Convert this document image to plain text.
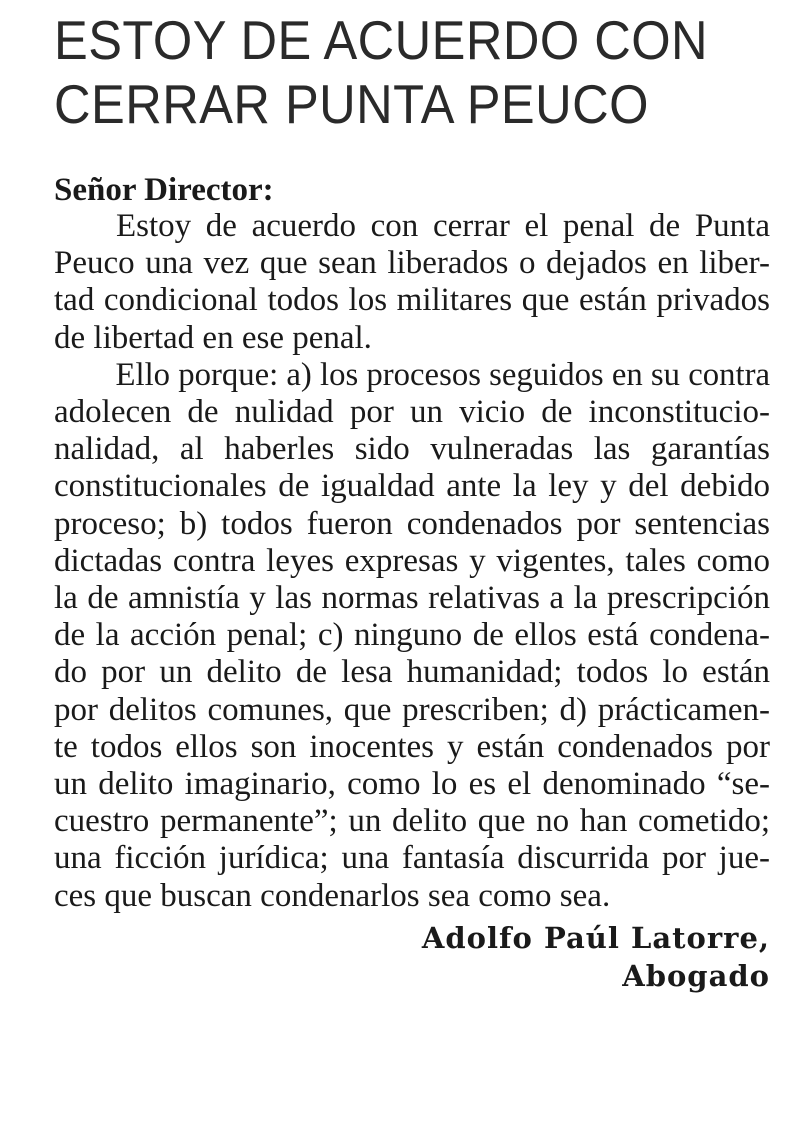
ESTOY DE ACUERDO CON
CERRAR PUNTA PEUCO
Señor Director:

Estoy de acuerdo con cerrar el penal de Punta
Peuco una vez que sean liberados o dejados en liber-
tad condicional todos los militares que están privados
de libertad en ese penal.

Ello porque: a) los procesos seguidos en su contra
adolecen de nulidad por un vicio de inconstitucio-
nalidad, al haberles sido vulneradas las garantías
constitucionales de igualdad ante la ley y del debido
proceso; b) todos fueron condenados por sentencias
dictadas contra leyes expresas y vigentes, tales como
la de amnistía y las normas relativas a la prescripción
de la acción penal; c) ninguno de ellos está condena-
do por un delito de lesa humanidad; todos lo están
por delitos comunes, que prescriben; d) prácticamen-
te todos ellos son inocentes y están condenados por
un delito imaginario, como lo es el denominado “se-
cuestro permanente”; un delito que no han cometido;
una ficción jurídica; una fantasía discurrida por jue-
ces que buscan condenarlos sea como sea.

Adolfo Paúl Latorre,
Abogado
